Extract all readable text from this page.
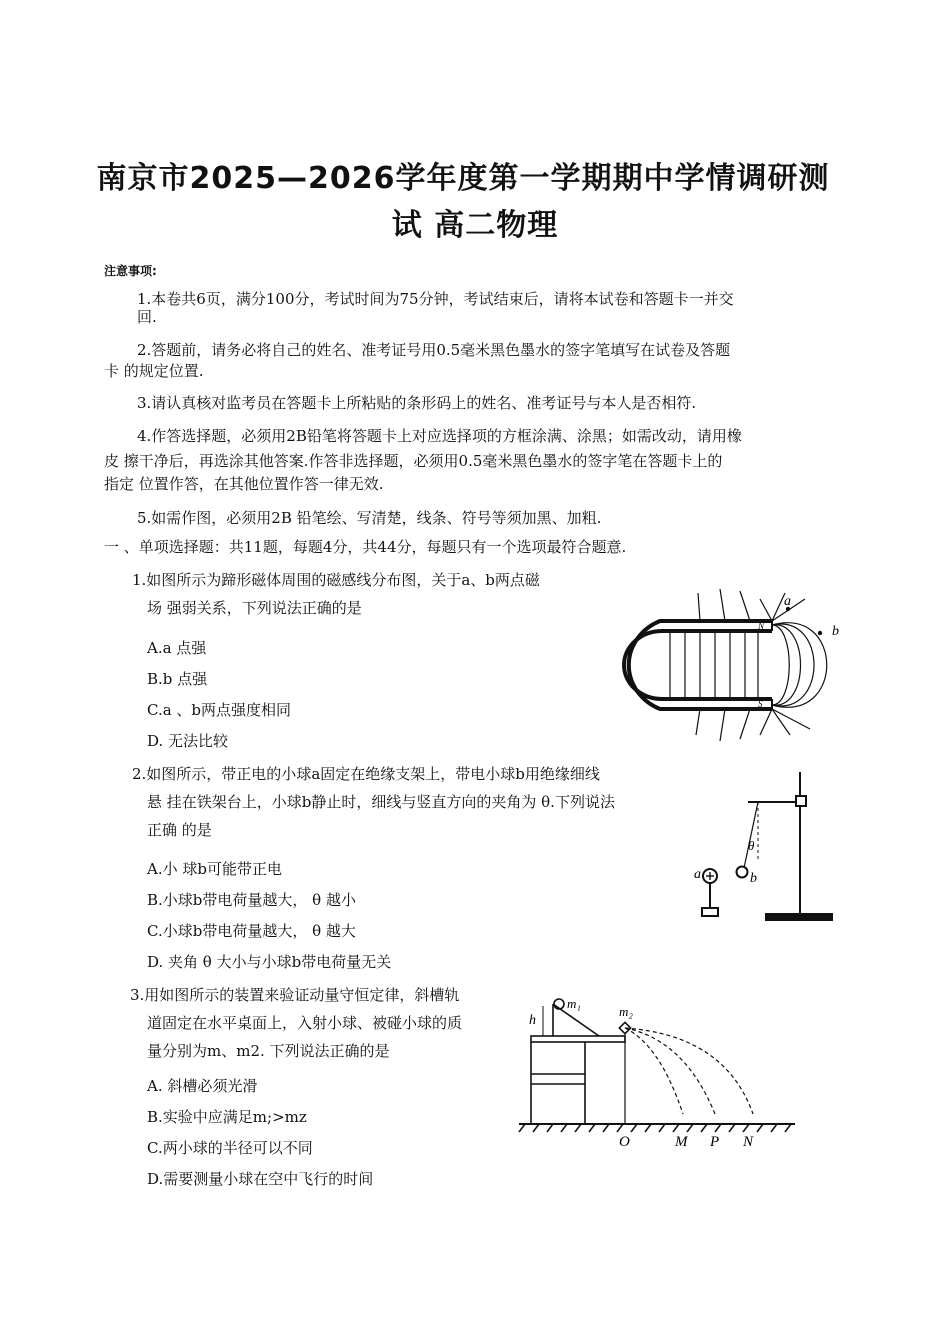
南京市2025—2026学年度第一学期期中学情调研测
试 高二物理
注意事项:
1.本卷共6页，满分100分，考试时间为75分钟，考试结束后，请将本试卷和答题卡一并交
回.
2.答题前，请务必将自己的姓名、准考证号用0.5毫米黑色墨水的签字笔填写在试卷及答题
卡 的规定位置.
3.请认真核对监考员在答题卡上所粘贴的条形码上的姓名、准考证号与本人是否相符.
4.作答选择题，必须用2B铅笔将答题卡上对应选择项的方框涂满、涂黑；如需改动，请用橡
皮 擦干净后，再选涂其他答案.作答非选择题，必须用0.5毫米黑色墨水的签字笔在答题卡上的
指定 位置作答，在其他位置作答一律无效.
5.如需作图，必须用2B 铅笔绘、写清楚，线条、符号等须加黑、加粗.
一 、单项选择题：共11题，每题4分，共44分，每题只有一个选项最符合题意.
1.如图所示为蹄形磁体周围的磁感线分布图，关于a、b两点磁
场 强弱关系，下列说法正确的是
A.a 点强
B.b 点强
C.a 、b两点强度相同
D. 无法比较
a
b
N
S
2.如图所示，带正电的小球a固定在绝缘支架上，带电小球b用绝缘细线
悬 挂在铁架台上，小球b静止时，细线与竖直方向的夹角为 θ.下列说法
正确 的是
A.小 球b可能带正电
B.小球b带电荷量越大， θ 越小
C.小球b带电荷量越大， θ 越大
D. 夹角 θ 大小与小球b带电荷量无关
θ
a	b
3.用如图所示的装置来验证动量守恒定律，斜槽轨
道固定在水平桌面上，入射小球、被碰小球的质
量分别为m、m2. 下列说法正确的是
A. 斜槽必须光滑
B.实验中应满足m;>mz
C.两小球的半径可以不同
D.需要测量小球在空中飞行的时间
h
m₁
m₂
O	M P N
